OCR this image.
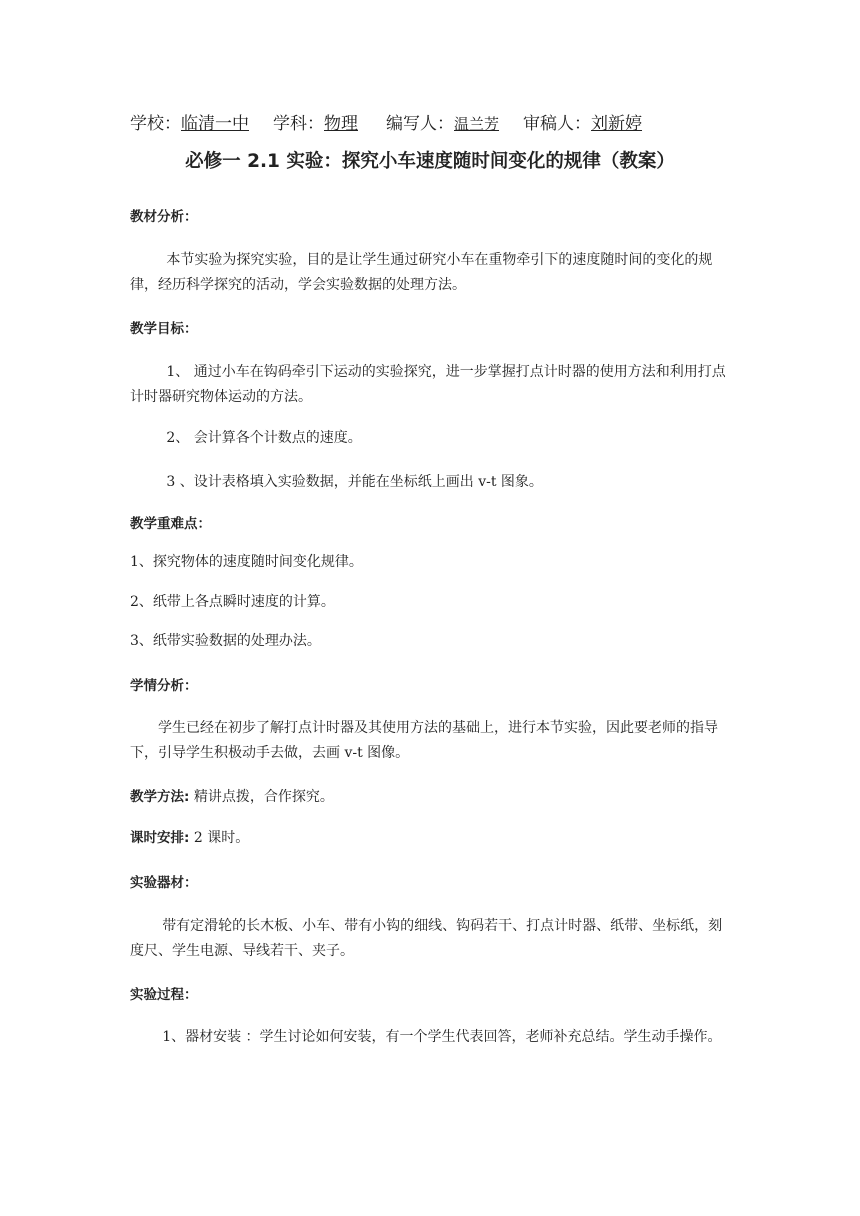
学校：临清一中 学科：物理 编写人：温兰芳 审稿人：刘新婷
必修一 2.1 实验：探究小车速度随时间变化的规律（教案）
教材分析：
本节实验为探究实验，目的是让学生通过研究小车在重物牵引下的速度随时间的变化的规律，经历科学探究的活动，学会实验数据的处理方法。
教学目标：
1、 通过小车在钩码牵引下运动的实验探究，进一步掌握打点计时器的使用方法和利用打点计时器研究物体运动的方法。
2、 会计算各个计数点的速度。
3 、设计表格填入实验数据，并能在坐标纸上画出 v-t 图象。
教学重难点：
1、探究物体的速度随时间变化规律。
2、纸带上各点瞬时速度的计算。
3、纸带实验数据的处理办法。
学情分析：
学生已经在初步了解打点计时器及其使用方法的基础上，进行本节实验，因此要老师的指导下，引导学生积极动手去做，去画 v-t 图像。
教学方法: 精讲点拨，合作探究。
课时安排: 2 课时。
实验器材：
带有定滑轮的长木板、小车、带有小钩的细线、钩码若干、打点计时器、纸带、坐标纸，刻度尺、学生电源、导线若干、夹子。
实验过程：
1、器材安装 ：学生讨论如何安装，有一个学生代表回答，老师补充总结。学生动手操作。
